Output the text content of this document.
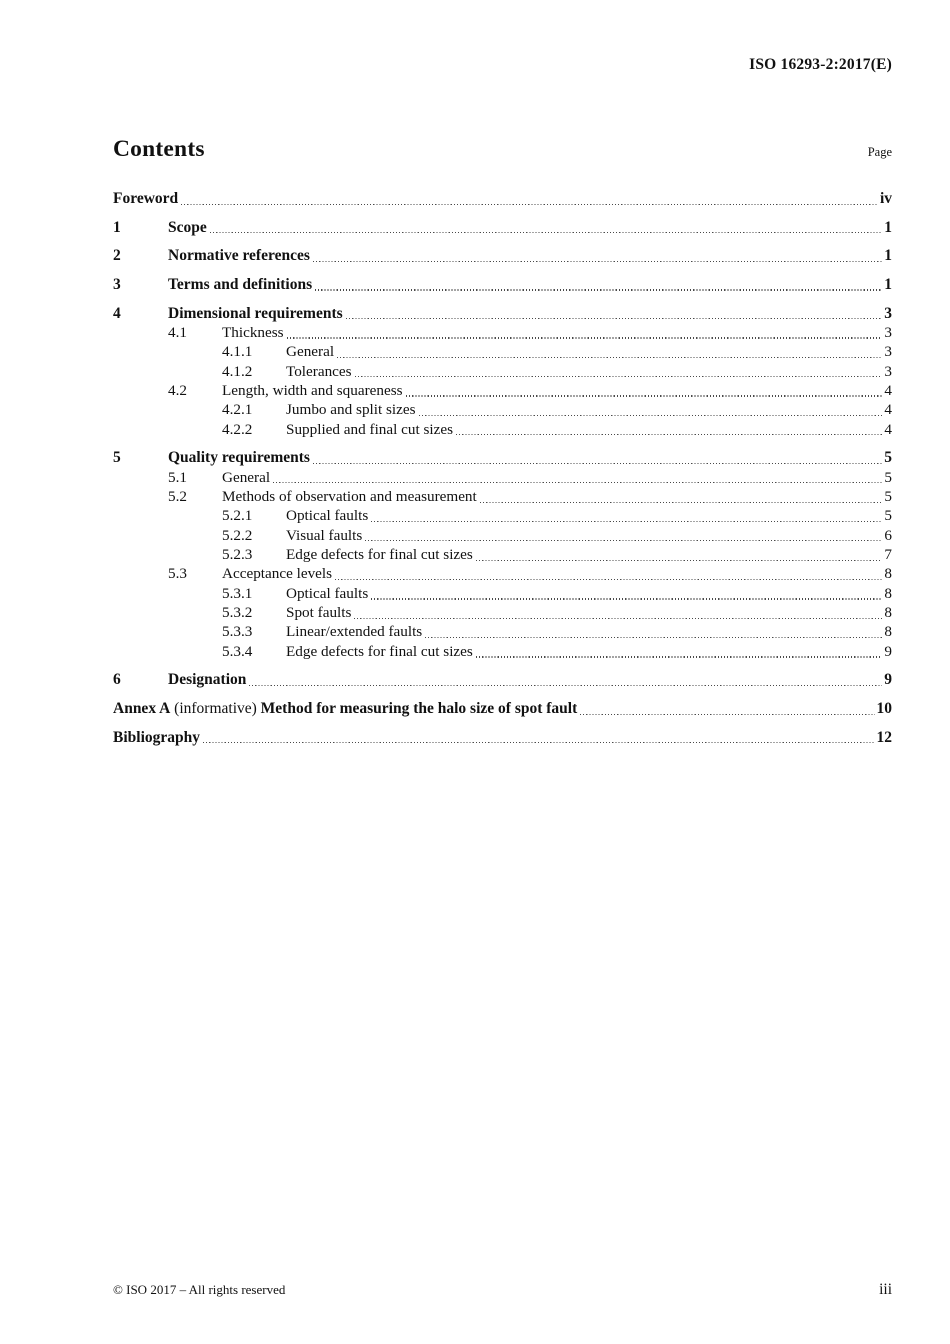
ISO 16293-2:2017(E)
Contents	Page
Foreword	iv
1	Scope	1
2	Normative references	1
3	Terms and definitions	1
4	Dimensional requirements	3
4.1	Thickness	3
4.1.1	General	3
4.1.2	Tolerances	3
4.2	Length, width and squareness	4
4.2.1	Jumbo and split sizes	4
4.2.2	Supplied and final cut sizes	4
5	Quality requirements	5
5.1	General	5
5.2	Methods of observation and measurement	5
5.2.1	Optical faults	5
5.2.2	Visual faults	6
5.2.3	Edge defects for final cut sizes	7
5.3	Acceptance levels	8
5.3.1	Optical faults	8
5.3.2	Spot faults	8
5.3.3	Linear/extended faults	8
5.3.4	Edge defects for final cut sizes	9
6	Designation	9
Annex A (informative) Method for measuring the halo size of spot fault	10
Bibliography	12
© ISO 2017 – All rights reserved	iii
